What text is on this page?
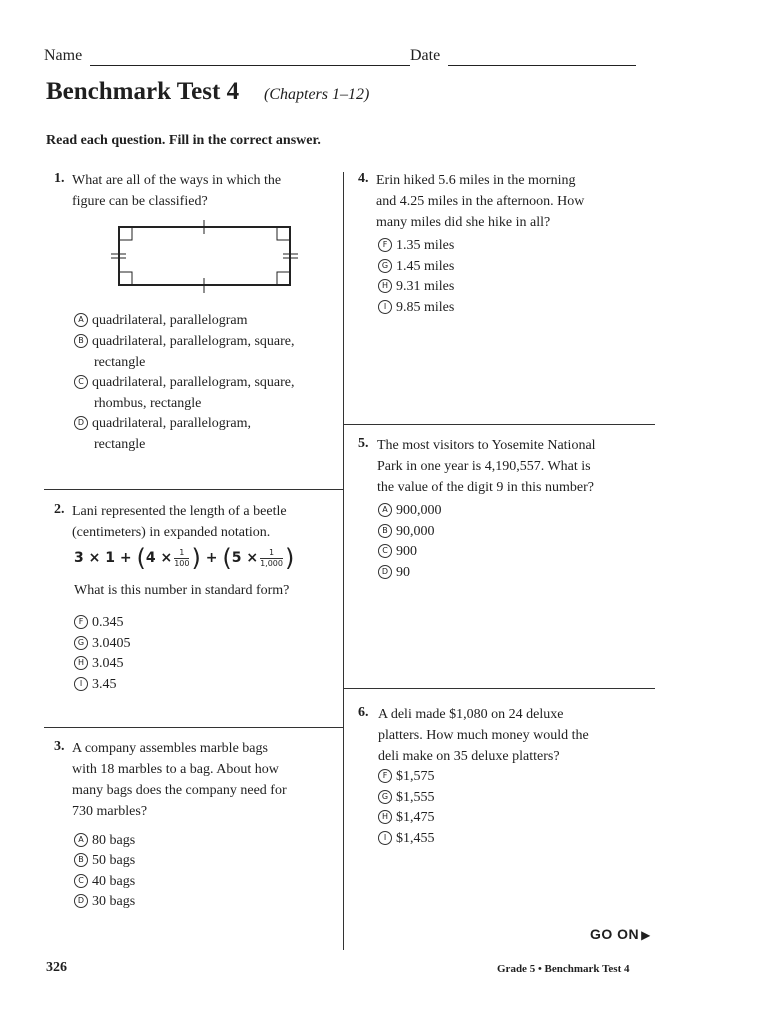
Name	Date
Benchmark Test 4 (Chapters 1–12)
Read each question. Fill in the correct answer.
1. What are all of the ways in which the
figure can be classified?
A quadrilateral, parallelogram
B quadrilateral, parallelogram, square,
rectangle
C quadrilateral, parallelogram, square,
rhombus, rectangle
D quadrilateral, parallelogram,
rectangle
2. Lani represented the length of a beetle
(centimeters) in expanded notation.
$3 \times 1 + (4 \times \frac{1}{100}$ ) + ($5 \times \frac{1}{1,000}$ )
What is this number in standard form?
F 0.345
G 3.0405
H 3.045
I 3.45
3. A company assembles marble bags
with 18 marbles to a bag. About how
many bags does the company need for
730 marbles?
A 80 bags
B 50 bags
C 40 bags
D 30 bags
4. Erin hiked 5.6 miles in the morning
and 4.25 miles in the afternoon. How
many miles did she hike in all?
F 1.35 miles
G 1.45 miles
H 9.31 miles
I 9.85 miles
5. The most visitors to Yosemite National
Park in one year is 4,190,557. What is
the value of the digit 9 in this number?
A 900,000
B 90,000
C 900
D 90
6. A deli made $1,080 on 24 deluxe
platters. How much money would the
deli make on 35 deluxe platters?
F $1,575
G $1,555
H $1,475
I $1,455
GO ON ▶
326	Grade 5 • Benchmark Test 4
